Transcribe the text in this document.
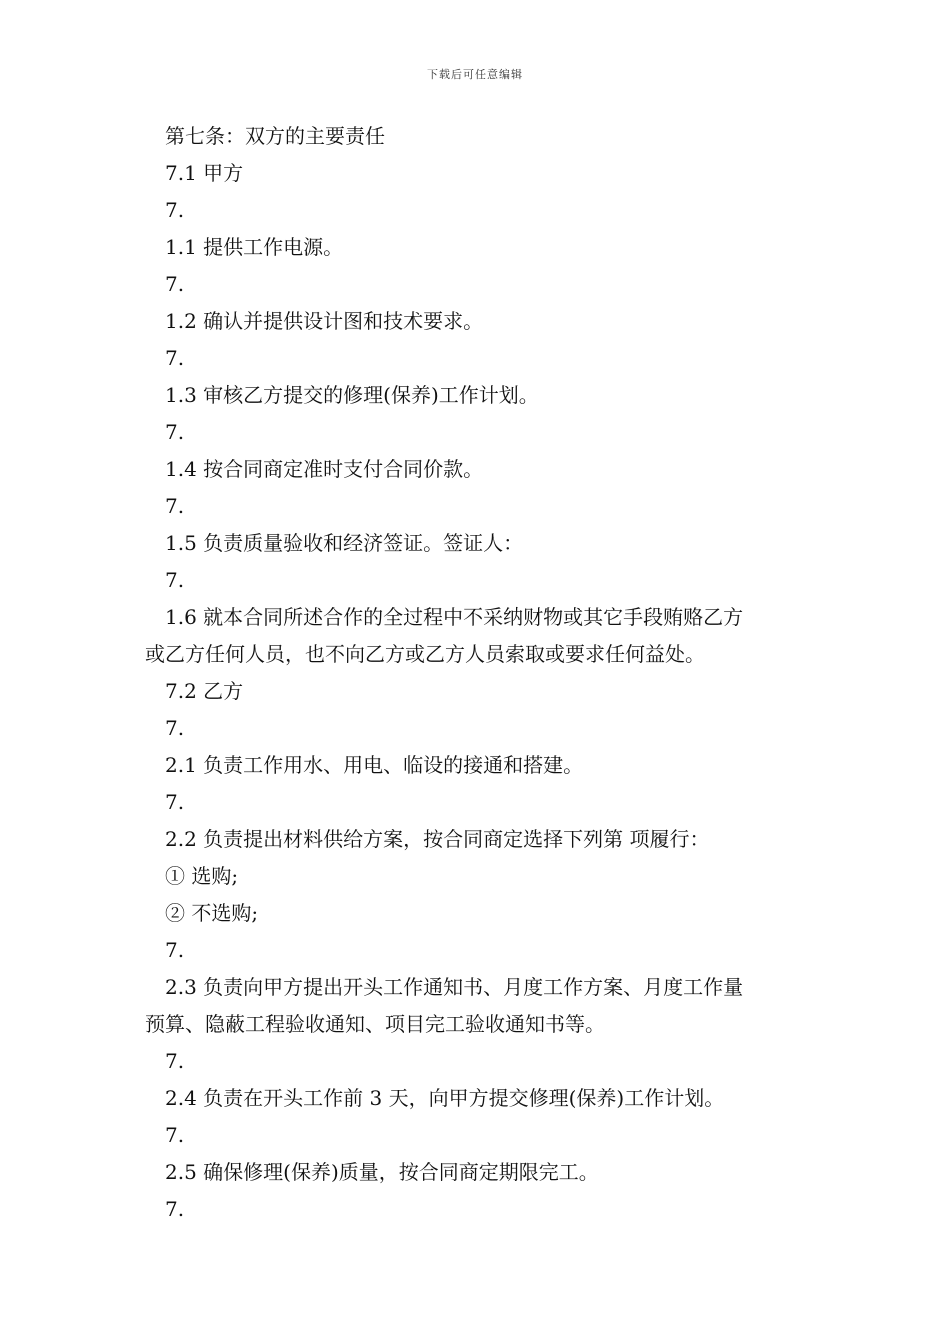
下载后可任意编辑
第七条：双方的主要责任
7.1 甲方
7.
1.1 提供工作电源。
7.
1.2 确认并提供设计图和技术要求。
7.
1.3 审核乙方提交的修理(保养)工作计划。
7.
1.4 按合同商定准时支付合同价款。
7.
1.5 负责质量验收和经济签证。签证人：
7.
1.6 就本合同所述合作的全过程中不采纳财物或其它手段贿赂乙方
或乙方任何人员，也不向乙方或乙方人员索取或要求任何益处。
7.2 乙方
7.
2.1 负责工作用水、用电、临设的接通和搭建。
7.
2.2 负责提出材料供给方案，按合同商定选择下列第 项履行：
① 选购;
② 不选购;
7.
2.3 负责向甲方提出开头工作通知书、月度工作方案、月度工作量
预算、隐蔽工程验收通知、项目完工验收通知书等。
7.
2.4 负责在开头工作前 3 天，向甲方提交修理(保养)工作计划。
7.
2.5 确保修理(保养)质量，按合同商定期限完工。
7.
